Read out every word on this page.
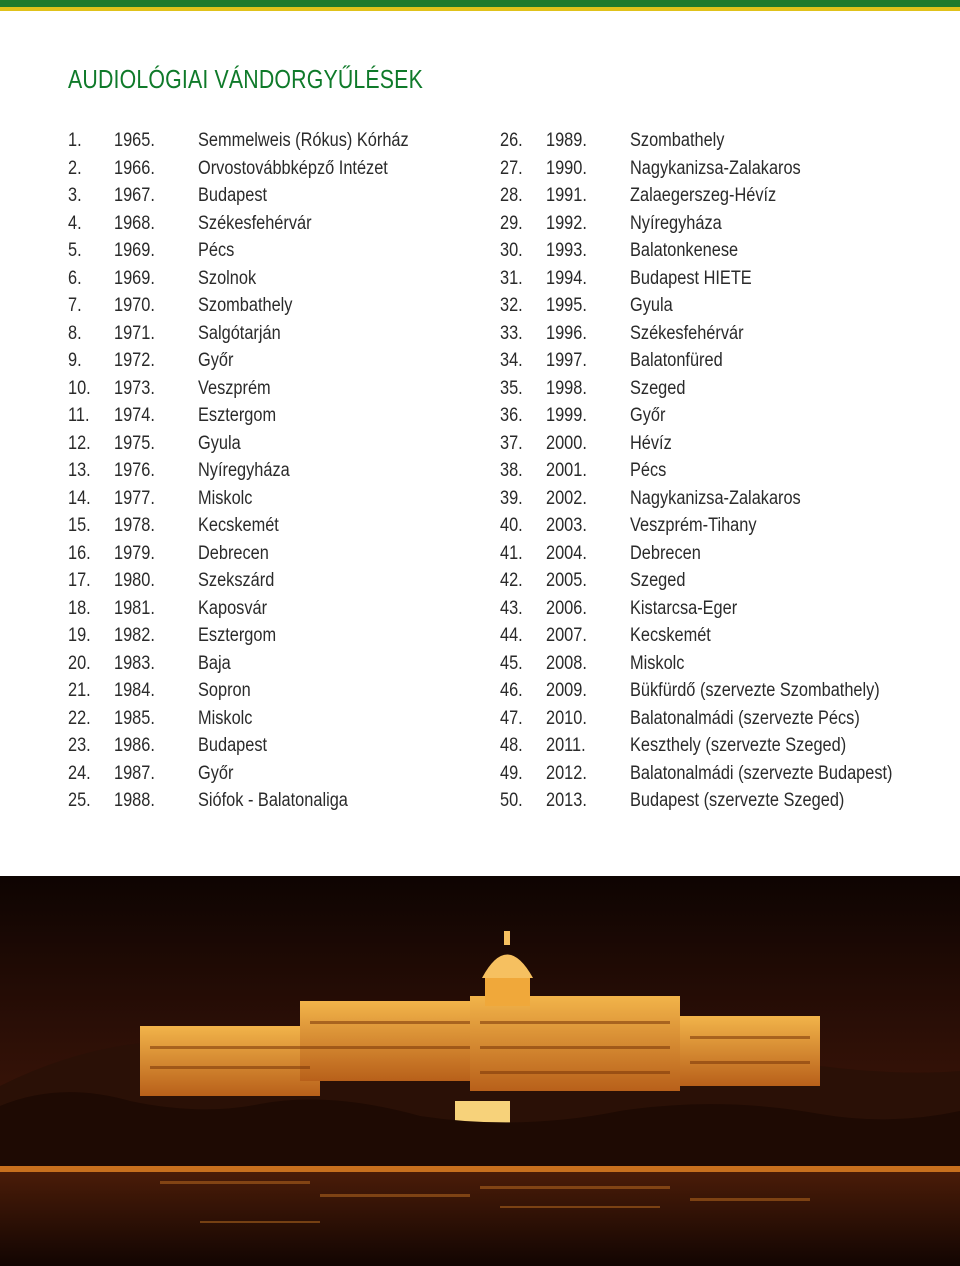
AUDIOLÓGIAI VÁNDORGYŰLÉSEK
1. 1965. Semmelweis (Rókus) Kórház
2. 1966. Orvostovábbképző Intézet
3. 1967. Budapest
4. 1968. Székesfehérvár
5. 1969. Pécs
6. 1969. Szolnok
7. 1970. Szombathely
8. 1971. Salgótarján
9. 1972. Győr
10. 1973. Veszprém
11. 1974. Esztergom
12. 1975. Gyula
13. 1976. Nyíregyháza
14. 1977. Miskolc
15. 1978. Kecskemét
16. 1979. Debrecen
17. 1980. Szekszárd
18. 1981. Kaposvár
19. 1982. Esztergom
20. 1983. Baja
21. 1984. Sopron
22. 1985. Miskolc
23. 1986. Budapest
24. 1987. Győr
25. 1988. Siófok - Balatonaliga
26. 1989. Szombathely
27. 1990. Nagykanizsa-Zalakaros
28. 1991. Zalaegerszeg-Hévíz
29. 1992. Nyíregyháza
30. 1993. Balatonkenese
31. 1994. Budapest HIETE
32. 1995. Gyula
33. 1996. Székesfehérvár
34. 1997. Balatonfüred
35. 1998. Szeged
36. 1999. Győr
37. 2000. Hévíz
38. 2001. Pécs
39. 2002. Nagykanizsa-Zalakaros
40. 2003. Veszprém-Tihany
41. 2004. Debrecen
42. 2005. Szeged
43. 2006. Kistarcsa-Eger
44. 2007. Kecskemét
45. 2008. Miskolc
46. 2009. Bükfürdő (szervezte Szombathely)
47. 2010. Balatonalmádi (szervezte Pécs)
48. 2011. Keszthely (szervezte Szeged)
49. 2012. Balatonalmádi (szervezte Budapest)
50. 2013. Budapest (szervezte Szeged)
